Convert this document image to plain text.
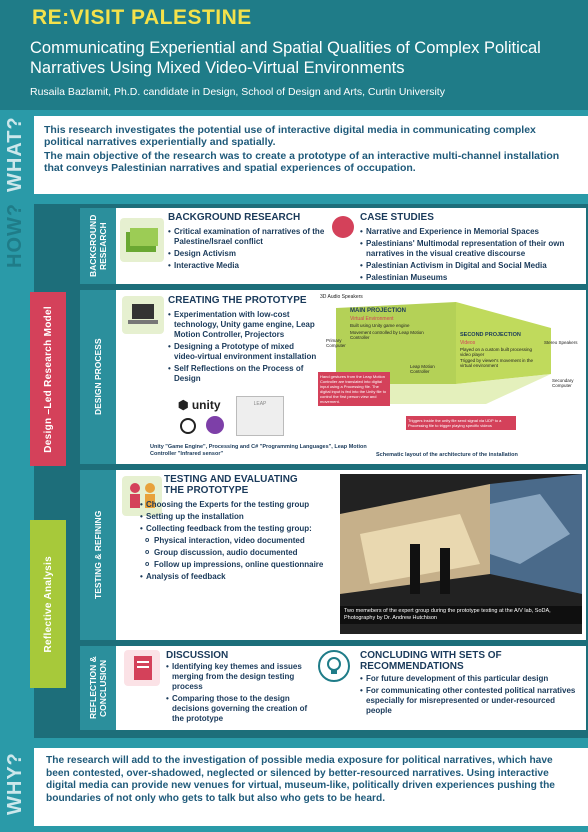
RE:VISIT PALESTINE
Communicating Experiential and Spatial Qualities of Complex Political Narratives Using Mixed Video-Virtual Environments
Rusaila Bazlamit, Ph.D. candidate in Design, School of Design and Arts, Curtin University
WHAT?	This research investigates the potential use of interactive digital media in communicating complex political narratives experientially and spatially.
The main objective of the research was to create a prototype of an interactive multi-channel installation that conveys Palestinian narratives and spatial experiences of occupation.
HOW?
Design –Led Research Model
Reflective Analysis
BACKGROUND RESEARCH
BACKGROUND RESEARCH
• Critical examination of narratives of the Palestine/Israel conflict
• Design Activism
• Interactive Media
CASE STUDIES
• Narrative and Experience in Memorial Spaces
• Palestinians' Multimodal representation of their own narratives in the visual creative discourse
• Palestinian Activism in Digital and Social Media
• Palestinian Museums
DESIGN PROCESS
CREATING THE PROTOTYPE
• Experimentation with low-cost technology, Unity game engine, Leap Motion Controller, Projectors
• Designing a Prototype of mixed video-virtual environment installation
• Self Reflections on the Process of Design
⬢ unity	LEAP
Unity "Game Engine", Processing and C# "Programming Languages", Leap Motion Controller "Infrared sensor"
3D Audio Speakers
MAIN PROJECTION
Virtual Environment
Built using Unity game engine
Movement controlled by Leap Motion Controller
Primary Computer
Leap Motion Controller
Hand gestures from the Leap Motion Controller are translated into digital input using a Processing file. The digital input is fed into the Unity file to control the first person view and movement.
SECOND PROJECTION
Videos
Played on a custom built processing video player
Trigged by viewer's movement in the virtual environment
Stereo Speakers
Secondary Computer
Triggers inside the unity file send signal via UDP to a Processing file to trigger playing specific videos
Schematic layout of the architecture of the installation
TESTING & REFINING
TESTING AND EVALUATING THE PROTOTYPE
• Choosing the Experts for the testing group
• Setting up the installation
• Collecting feedback from the testing group:
o Physical interaction, video documented
o Group discussion, audio documented
o Follow up impressions, online questionnaire
• Analysis of feedback
Two memebers of the expert group during the prototype testing at the A/V lab, SoDA, Photography by Dr. Andrew Hutchison
REFLECTION & CONCLUSION
DISCUSSION
• Identifying key themes and issues merging from the design testing process
• Comparing those to the design decisions governing the creation of the prototype
CONCLUDING WITH SETS OF RECOMMENDATIONS
• For future development of this particular design
• For communicating other contested political narratives especially for misrepresented or under-resourced people
WHY?	The research will add to the investigation of possible media exposure for political narratives, which have been contested, over-shadowed, neglected or silenced by better-resourced narratives. Using interactive digital media can provide new venues for virtual, museum-like, politically driven experiences pushing the boundaries of not only who gets to talk but also who gets to be heard.
